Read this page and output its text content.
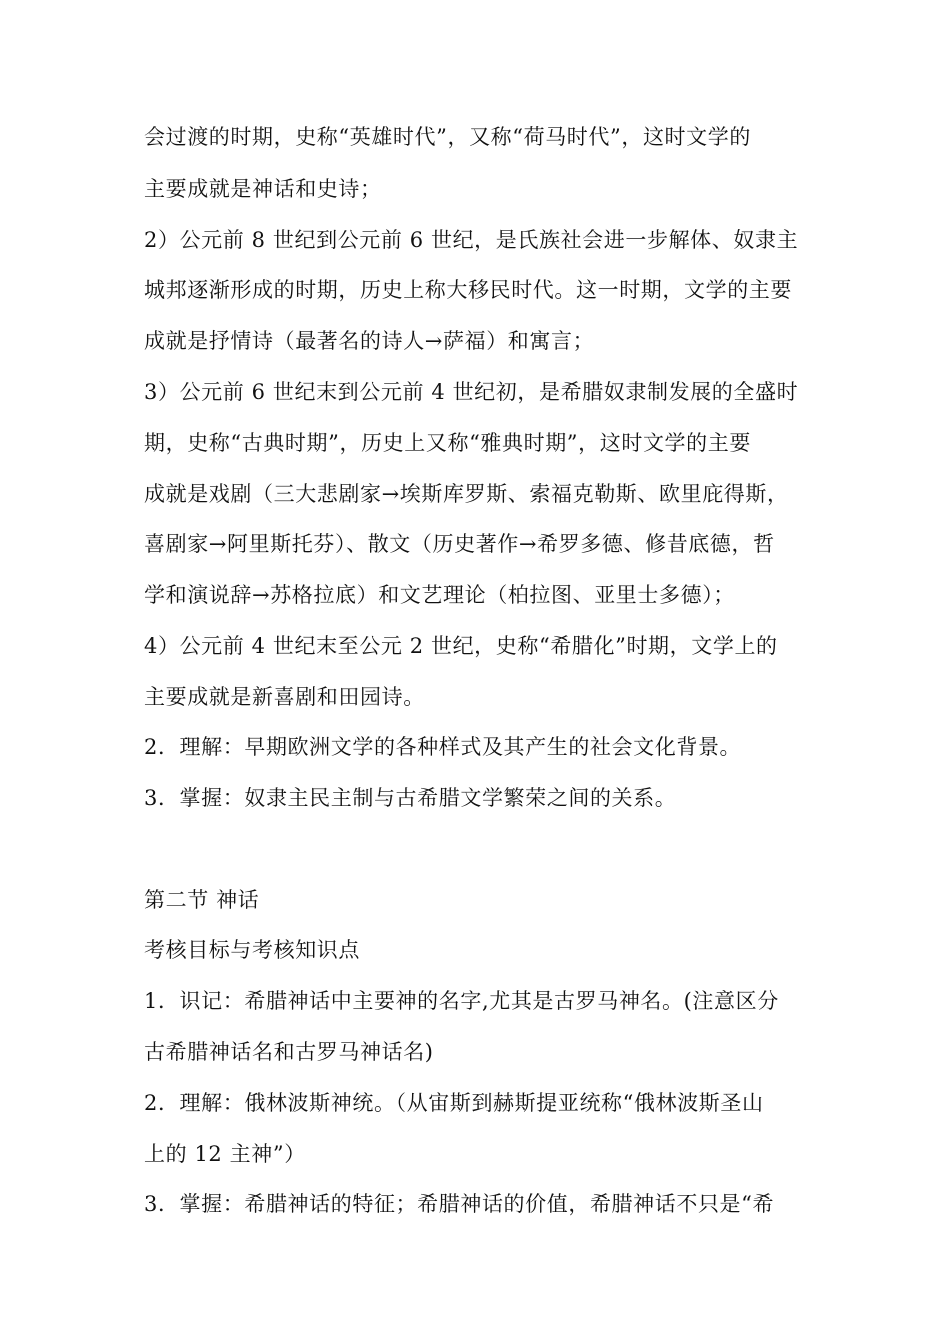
会过渡的时期，史称“英雄时代”，又称“荷马时代”，这时文学的
主要成就是神话和史诗；
2）公元前 8 世纪到公元前 6 世纪，是氏族社会进一步解体、奴隶主
城邦逐渐形成的时期，历史上称大移民时代。这一时期，文学的主要
成就是抒情诗（最著名的诗人→萨福）和寓言；
3）公元前 6 世纪末到公元前 4 世纪初，是希腊奴隶制发展的全盛时
期，史称“古典时期”，历史上又称“雅典时期”，这时文学的主要
成就是戏剧（三大悲剧家→埃斯库罗斯、索福克勒斯、欧里庇得斯，
喜剧家→阿里斯托芬）、散文（历史著作→希罗多德、修昔底德，哲
学和演说辞→苏格拉底）和文艺理论（柏拉图、亚里士多德）；
4）公元前 4 世纪末至公元 2 世纪，史称“希腊化”时期，文学上的
主要成就是新喜剧和田园诗。
2．理解：早期欧洲文学的各种样式及其产生的社会文化背景。
3．掌握：奴隶主民主制与古希腊文学繁荣之间的关系。
第二节 神话
考核目标与考核知识点
1．识记：希腊神话中主要神的名字,尤其是古罗马神名。(注意区分
古希腊神话名和古罗马神话名)
2．理解：俄林波斯神统。（从宙斯到赫斯提亚统称“俄林波斯圣山
上的 12 主神”）
3．掌握：希腊神话的特征；希腊神话的价值，希腊神话不只是“希
